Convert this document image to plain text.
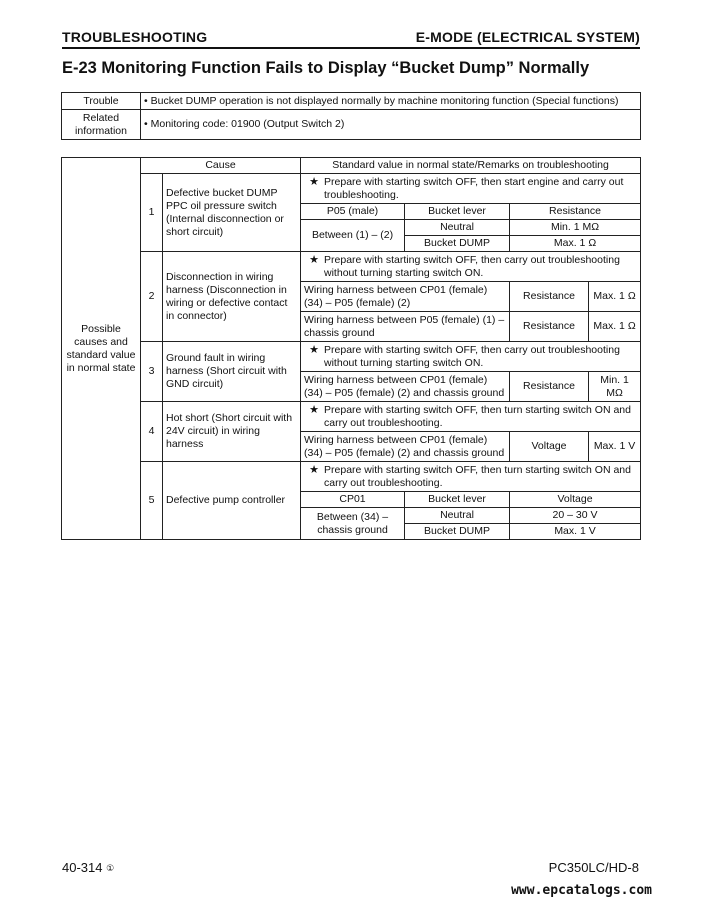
TROUBLESHOOTING	E-MODE (ELECTRICAL SYSTEM)
E-23 Monitoring Function Fails to Display “Bucket Dump” Normally
Trouble	• Bucket DUMP operation is not displayed normally by machine monitoring function (Special functions)
Related information	• Monitoring code: 01900 (Output Switch 2)
Possible causes and standard value in normal state	Cause		Standard value in normal state/Remarks on troubleshooting			
	1	Defective bucket DUMP PPC oil pressure switch (Internal disconnection or short circuit)	★ Prepare with starting switch OFF, then start engine and carry out troubleshooting.			

			P05 (male)	Bucket lever	Resistance	
			Between (1) – (2)	Neutral	Min. 1 MΩ	
				Bucket DUMP	Max. 1 Ω	
	2	Disconnection in wiring harness (Disconnection in wiring or defective contact in connector)	★ Prepare with starting switch OFF, then carry out troubleshooting without turning starting switch ON.			

			Wiring harness between CP01 (female) (34) – P05 (female) (2)		Resistance	Max. 1 Ω
			Wiring harness between P05 (female) (1) – chassis ground		Resistance	Max. 1 Ω
	3	Ground fault in wiring harness (Short circuit with GND circuit)	★ Prepare with starting switch OFF, then carry out troubleshooting without turning starting switch ON.			

			Wiring harness between CP01 (female) (34) – P05 (female) (2) and chassis ground		Resistance	Min. 1 MΩ
	4	Hot short (Short circuit with 24V circuit) in wiring harness	★ Prepare with starting switch OFF, then turn starting switch ON and carry out troubleshooting.			

			Wiring harness between CP01 (female) (34) – P05 (female) (2) and chassis ground		Voltage	Max. 1 V
	5	Defective pump controller	★ Prepare with starting switch OFF, then turn starting switch ON and carry out troubleshooting.			

			CP01	Bucket lever	Voltage	
			Between (34) – chassis ground	Neutral	20 – 30 V	
				Bucket DUMP	Max. 1 V	
40-314 ①	PC350LC/HD-8
www.epcatalogs.com
